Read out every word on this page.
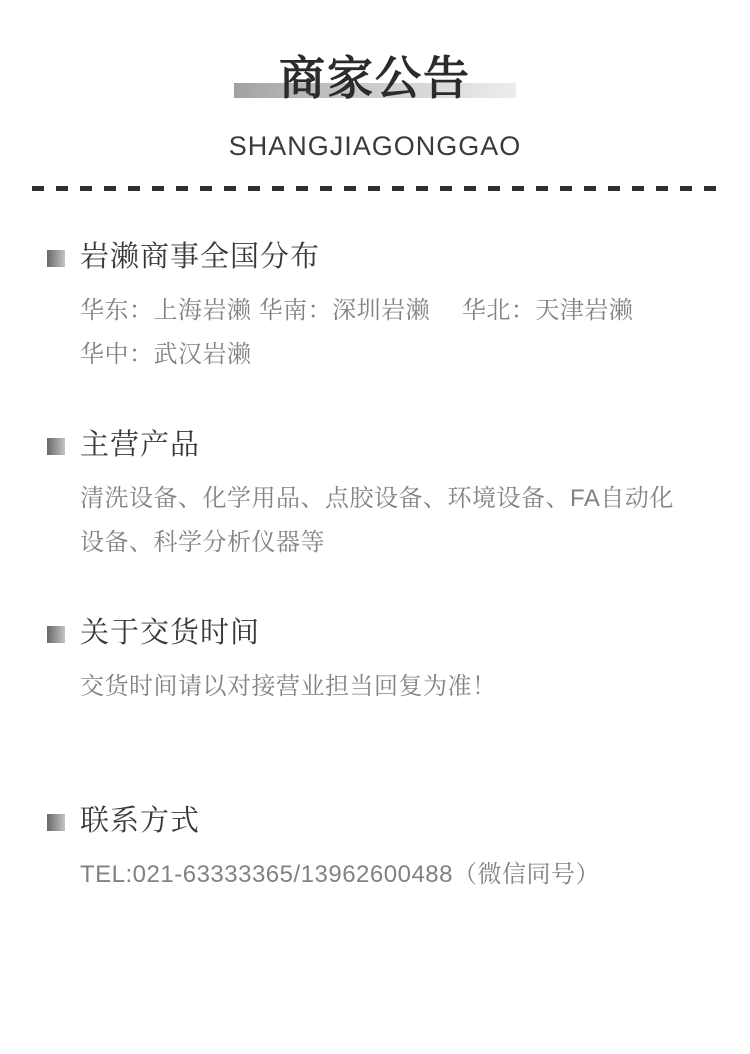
商家公告
SHANGJIAGONGGAO
岩濑商事全国分布

华东：上海岩濑 华南：深圳岩濑　 华北：天津岩濑

华中：武汉岩濑

主营产品

清洗设备、化学用品、点胶设备、环境设备、FA自动化设备、科学分析仪器等

关于交货时间

交货时间请以对接营业担当回复为准！

联系方式

TEL:021-63333365/13962600488（微信同号）
